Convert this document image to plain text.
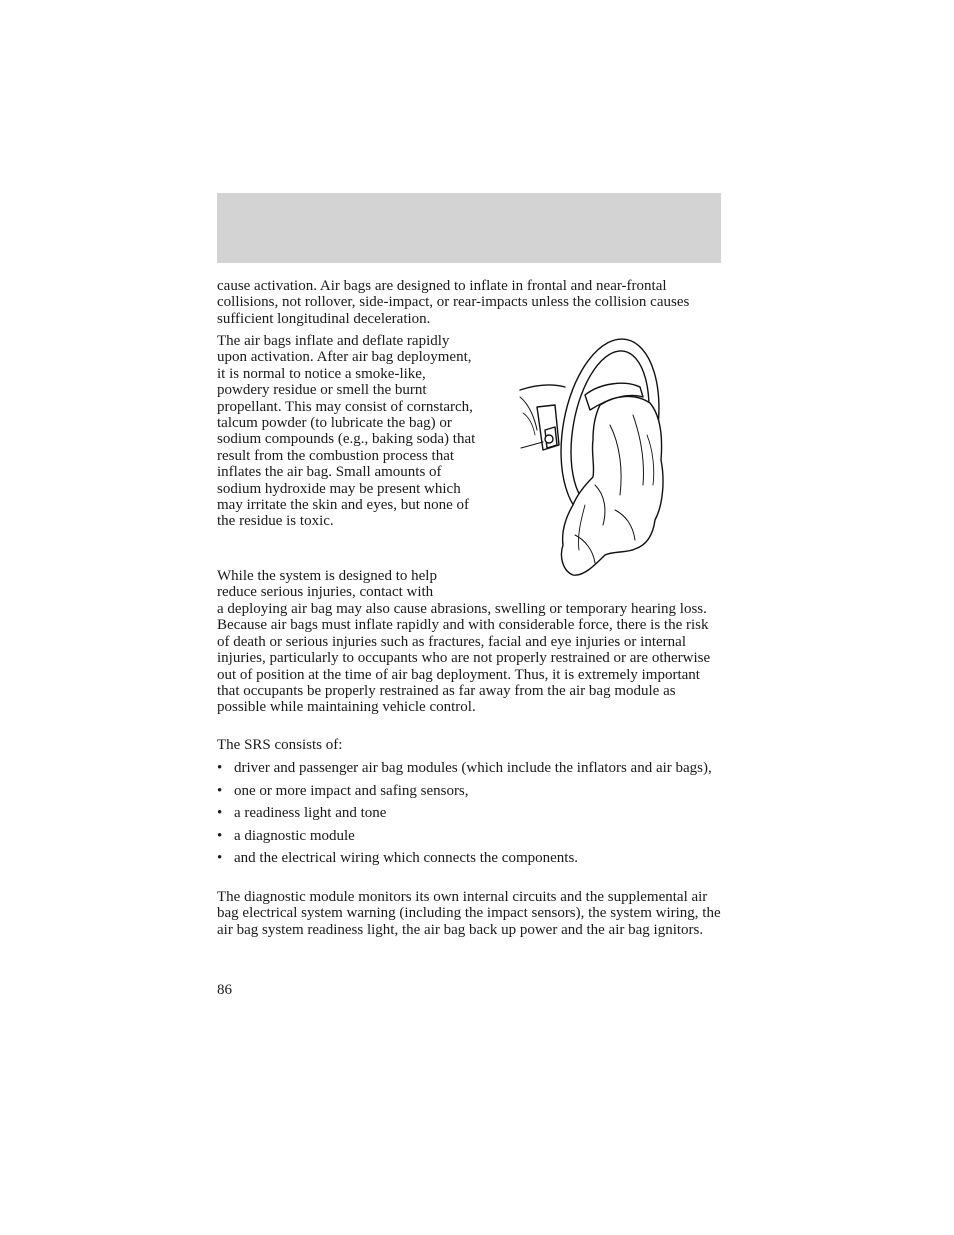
cause activation. Air bags are designed to inflate in frontal and near-frontal collisions, not rollover, side-impact, or rear-impacts unless the collision causes sufficient longitudinal deceleration.

The air bags inflate and deflate rapidly upon activation. After air bag deployment, it is normal to notice a smoke-like, powdery residue or smell the burnt propellant. This may consist of cornstarch, talcum powder (to lubricate the bag) or sodium compounds (e.g., baking soda) that result from the combustion process that inflates the air bag. Small amounts of sodium hydroxide may be present which may irritate the skin and eyes, but none of the residue is toxic.

While the system is designed to help reduce serious injuries, contact with

a deploying air bag may also cause abrasions, swelling or temporary hearing loss. Because air bags must inflate rapidly and with considerable force, there is the risk of death or serious injuries such as fractures, facial and eye injuries or internal injuries, particularly to occupants who are not properly restrained or are otherwise out of position at the time of air bag deployment. Thus, it is extremely important that occupants be properly restrained as far away from the air bag module as possible while maintaining vehicle control.

The SRS consists of:

• driver and passenger air bag modules (which include the inflators and air bags),
• one or more impact and safing sensors,
• a readiness light and tone
• a diagnostic module
• and the electrical wiring which connects the components.

The diagnostic module monitors its own internal circuits and the supplemental air bag electrical system warning (including the impact sensors), the system wiring, the air bag system readiness light, the air bag back up power and the air bag ignitors.

86
